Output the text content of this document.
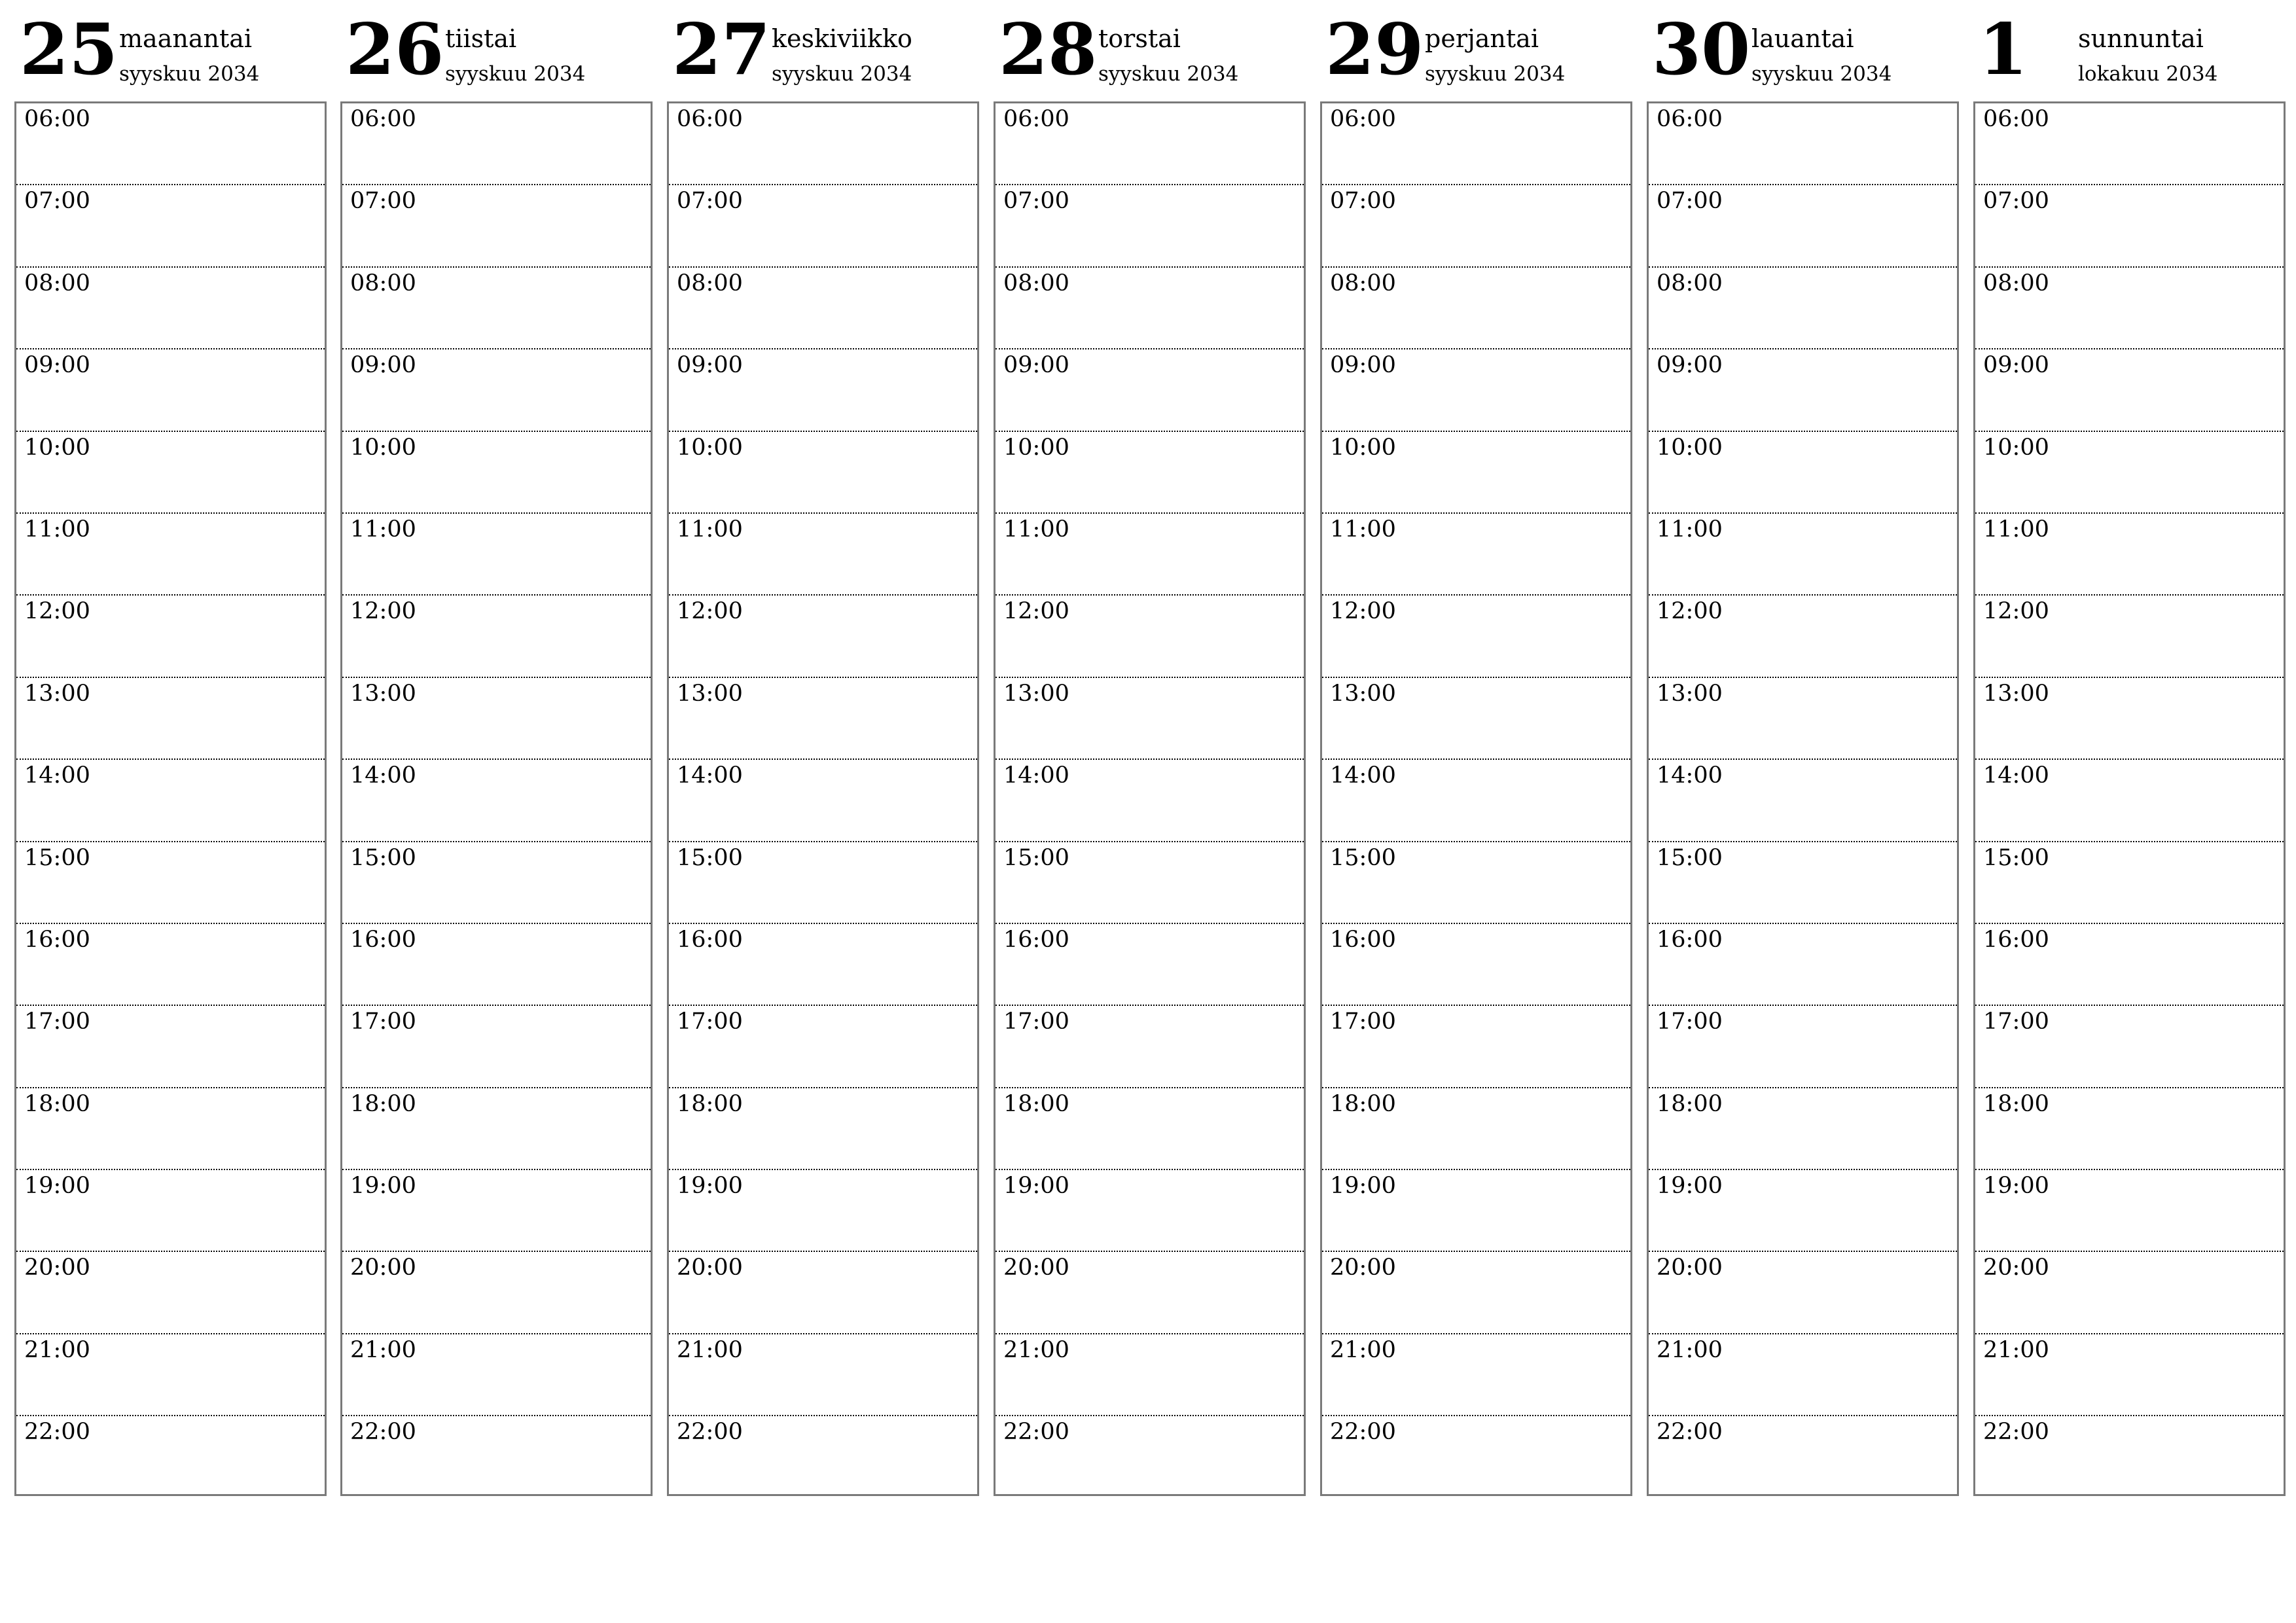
25 maanantai
syyskuu 2034
06:00
07:00
08:00
09:00
10:00
11:00
12:00
13:00
14:00
15:00
16:00
17:00
18:00
19:00
20:00
21:00
22:00
26 tiistai
syyskuu 2034
06:00
07:00
08:00
09:00
10:00
11:00
12:00
13:00
14:00
15:00
16:00
17:00
18:00
19:00
20:00
21:00
22:00
27 keskiviikko
syyskuu 2034
06:00
07:00
08:00
09:00
10:00
11:00
12:00
13:00
14:00
15:00
16:00
17:00
18:00
19:00
20:00
21:00
22:00
28 torstai
syyskuu 2034
06:00
07:00
08:00
09:00
10:00
11:00
12:00
13:00
14:00
15:00
16:00
17:00
18:00
19:00
20:00
21:00
22:00
29 perjantai
syyskuu 2034
06:00
07:00
08:00
09:00
10:00
11:00
12:00
13:00
14:00
15:00
16:00
17:00
18:00
19:00
20:00
21:00
22:00
30 lauantai
syyskuu 2034
06:00
07:00
08:00
09:00
10:00
11:00
12:00
13:00
14:00
15:00
16:00
17:00
18:00
19:00
20:00
21:00
22:00
1 sunnuntai
lokakuu 2034
06:00
07:00
08:00
09:00
10:00
11:00
12:00
13:00
14:00
15:00
16:00
17:00
18:00
19:00
20:00
21:00
22:00
